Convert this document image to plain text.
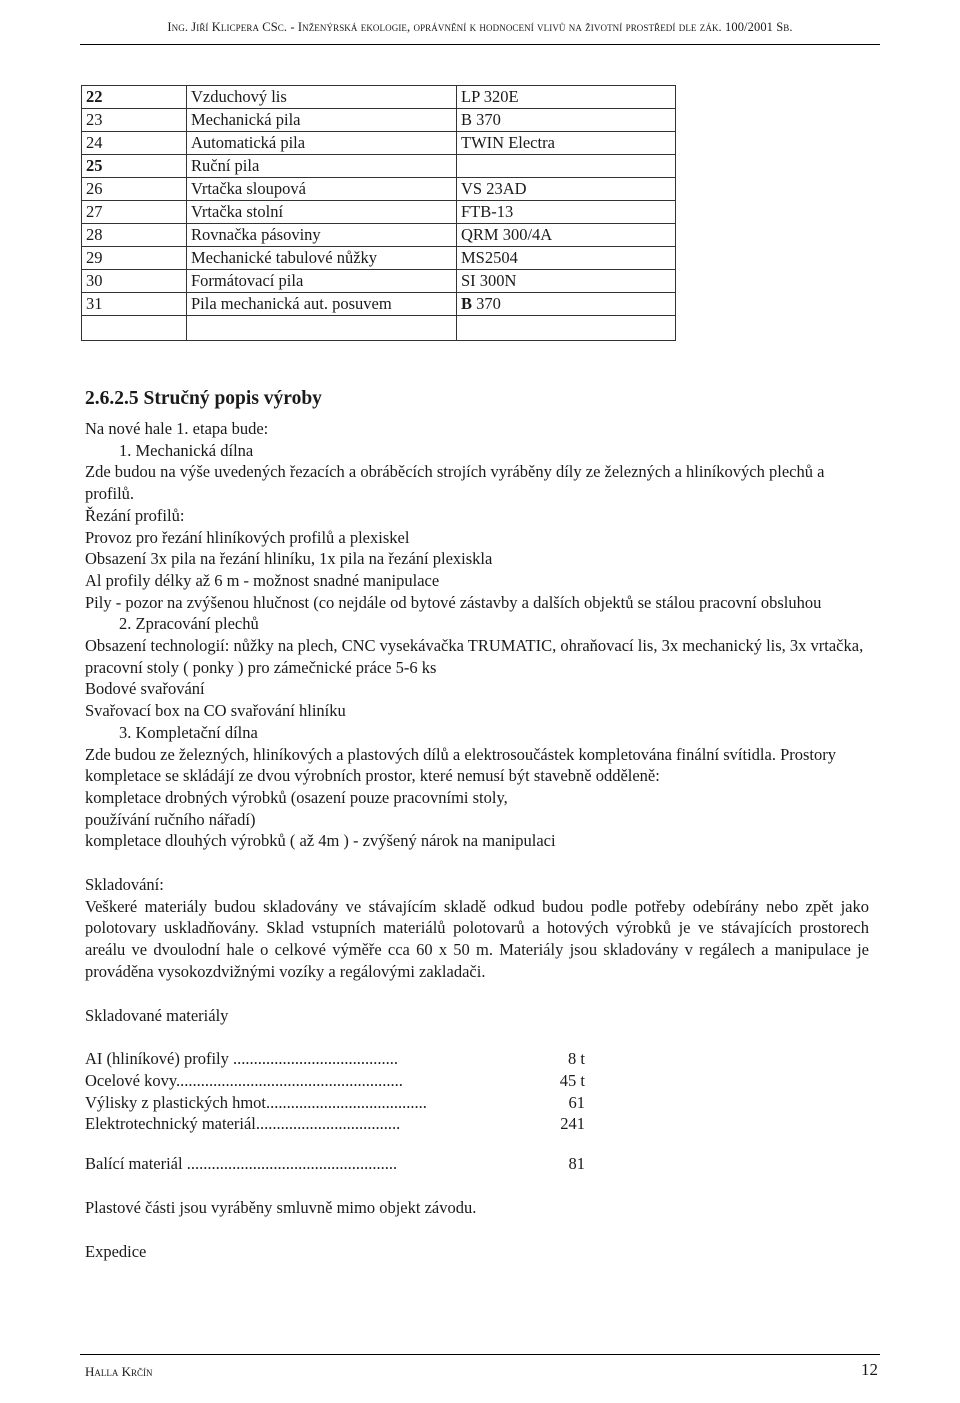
Ing. Jiří Klicpera CSc. - Inženýrská ekologie, oprávnění k hodnocení vlivů na životní prostředí dle zák. 100/2001 Sb.
22	Vzduchový lis	LP 320E
23	Mechanická pila	B 370
24	Automatická pila	TWIN Electra
25	Ruční pila	
26	Vrtačka sloupová	VS 23AD
27	Vrtačka stolní	FTB-13
28	Rovnačka pásoviny	QRM 300/4A
29	Mechanické tabulové nůžky	MS2504
30	Formátovací pila	SI 300N
31	Pila mechanická aut. posuvem	B 370

2.6.2.5 Stručný popis výroby

Na nové hale 1. etapa bude:

1. Mechanická dílna

Zde budou na výše uvedených řezacích a obráběcích strojích vyráběny díly ze železných a hliníkových plechů a profilů.

Řezání profilů:

Provoz pro řezání hliníkových profilů a plexiskel

Obsazení 3x pila na řezání hliníku, 1x pila na řezání plexiskla

Al profily délky až 6 m - možnost snadné manipulace

Pily - pozor na zvýšenou hlučnost (co nejdále od bytové zástavby a dalších objektů se stálou pracovní obsluhou

2. Zpracování plechů

Obsazení technologií: nůžky na plech, CNC vysekávačka TRUMATIC, ohraňovací lis, 3x mechanický lis, 3x vrtačka, pracovní stoly ( ponky ) pro zámečnické práce 5-6 ks

Bodové svařování

Svařovací box na CO svařování hliníku

3. Kompletační dílna

Zde budou ze železných, hliníkových a plastových dílů a elektrosoučástek kompletována finální svítidla. Prostory kompletace se skládájí ze dvou výrobních prostor, které nemusí být stavebně odděleně:

kompletace drobných výrobků (osazení pouze pracovními stoly,

používání ručního nářadí)

kompletace dlouhých výrobků ( až 4m ) - zvýšený nárok na manipulaci

Skladování:

Veškeré materiály budou skladovány ve stávajícím skladě odkud budou podle potřeby odebírány nebo zpět jako polotovary uskladňovány. Sklad vstupních materiálů polotovarů a hotových výrobků je ve stávajících prostorech areálu ve dvoulodní hale o celkové výměře cca 60 x 50 m. Materiály jsou skladovány v regálech a manipulace je prováděna vysokozdvižnými vozíky a regálovými zakladači.

Skladované materiály

AI (hliníkové) profily ........................................	8 t
Ocelové kovy.......................................................	45 t
Výlisky z plastických hmot.......................................	61
Elektrotechnický materiál...................................	241
Balící materiál ...................................................	81

Plastové části jsou vyráběny smluvně mimo objekt závodu.

Expedice

Halla Krčín	12
